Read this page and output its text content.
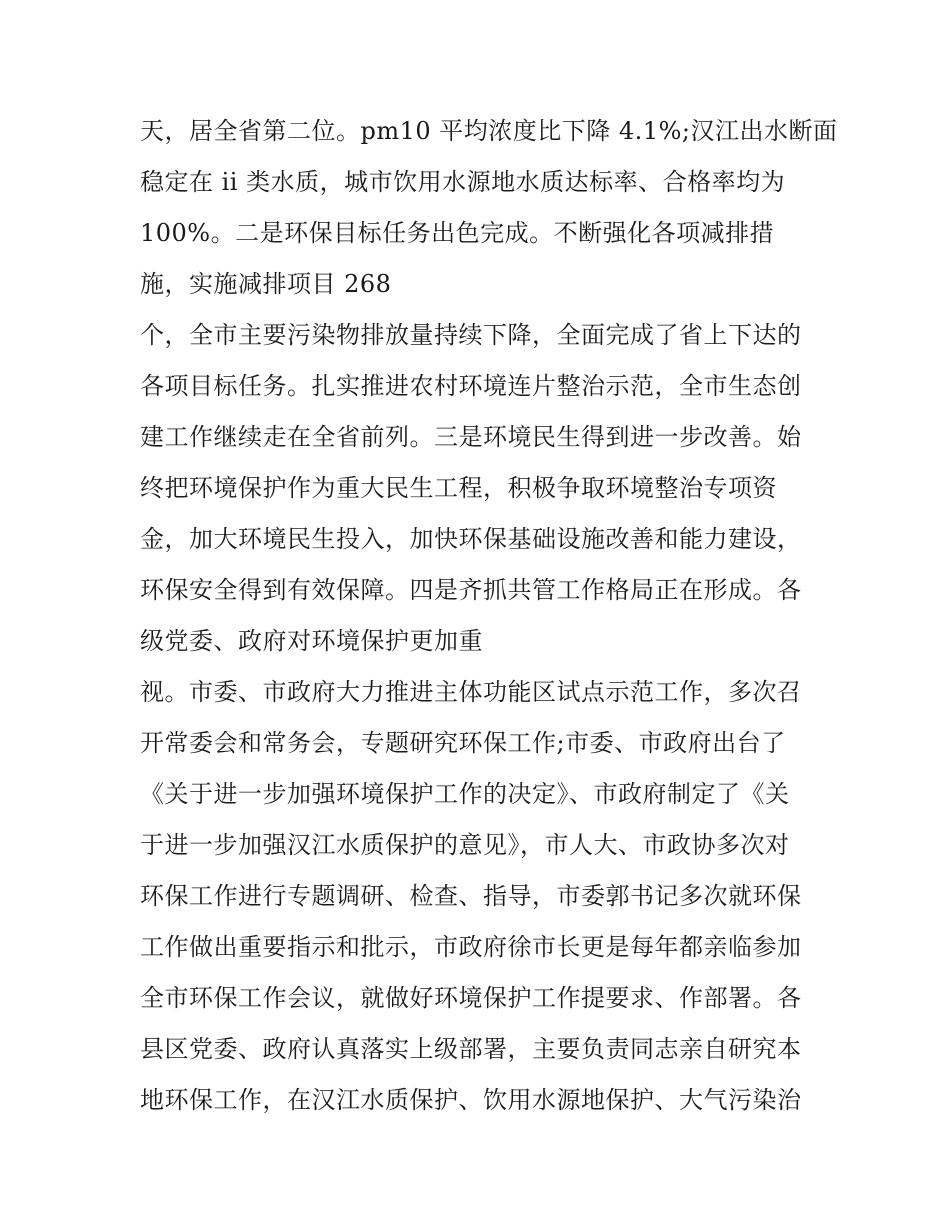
天，居全省第二位。pm10 平均浓度比下降 4.1%;汉江出水断面
稳定在 ii 类水质，城市饮用水源地水质达标率、合格率均为
100%。二是环保目标任务出色完成。不断强化各项减排措
施，实施减排项目 268
个，全市主要污染物排放量持续下降，全面完成了省上下达的
各项目标任务。扎实推进农村环境连片整治示范，全市生态创
建工作继续走在全省前列。三是环境民生得到进一步改善。始
终把环境保护作为重大民生工程，积极争取环境整治专项资
金，加大环境民生投入，加快环保基础设施改善和能力建设，
环保安全得到有效保障。四是齐抓共管工作格局正在形成。各
级党委、政府对环境保护更加重
视。市委、市政府大力推进主体功能区试点示范工作，多次召
开常委会和常务会，专题研究环保工作;市委、市政府出台了
《关于进一步加强环境保护工作的决定》、市政府制定了《关
于进一步加强汉江水质保护的意见》，市人大、市政协多次对
环保工作进行专题调研、检查、指导，市委郭书记多次就环保
工作做出重要指示和批示，市政府徐市长更是每年都亲临参加
全市环保工作会议，就做好环境保护工作提要求、作部署。各
县区党委、政府认真落实上级部署，主要负责同志亲自研究本
地环保工作，在汉江水质保护、饮用水源地保护、大气污染治
